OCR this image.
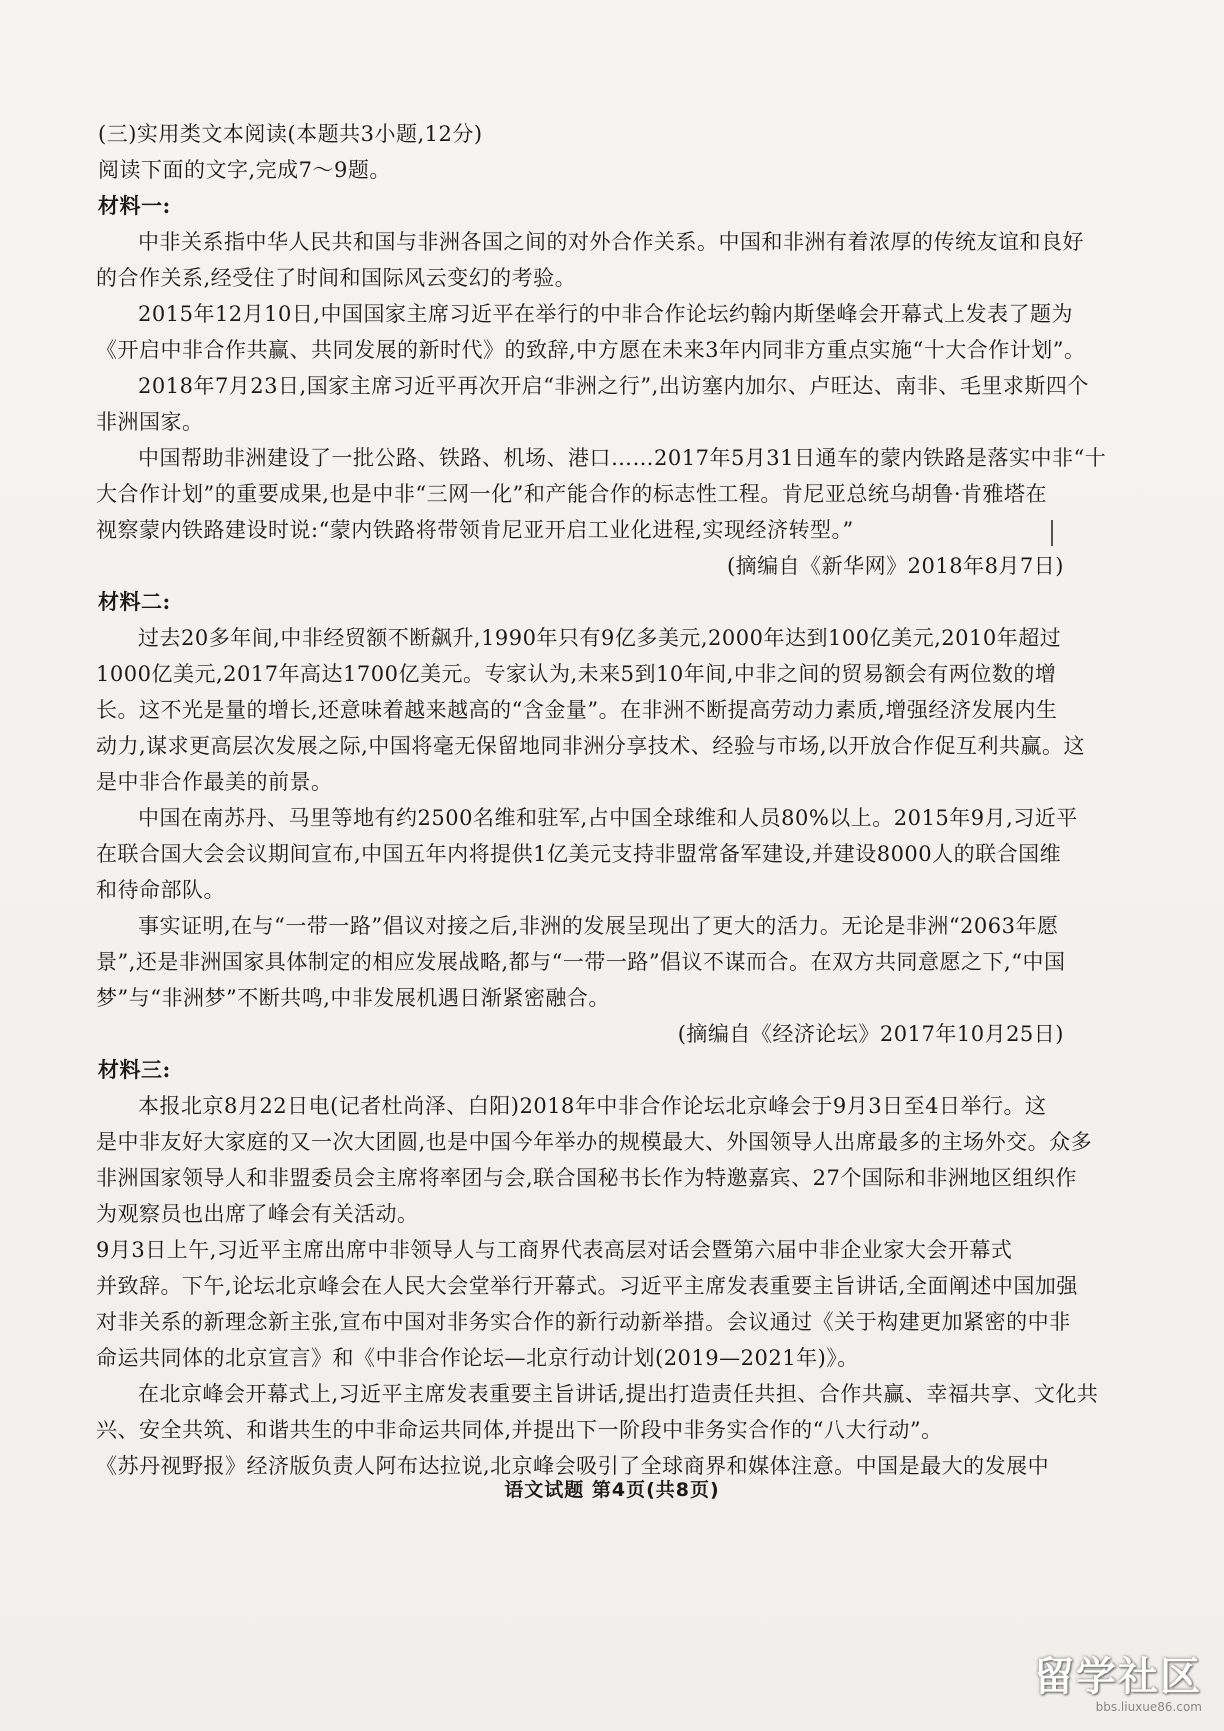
(三)实用类文本阅读(本题共3小题,12分)
阅读下面的文字,完成7～9题。
材料一:
中非关系指中华人民共和国与非洲各国之间的对外合作关系。中国和非洲有着浓厚的传统友谊和良好
的合作关系,经受住了时间和国际风云变幻的考验。
2015年12月10日,中国国家主席习近平在举行的中非合作论坛约翰内斯堡峰会开幕式上发表了题为
《开启中非合作共赢、共同发展的新时代》的致辞,中方愿在未来3年内同非方重点实施“十大合作计划”。
2018年7月23日,国家主席习近平再次开启“非洲之行”,出访塞内加尔、卢旺达、南非、毛里求斯四个
非洲国家。
中国帮助非洲建设了一批公路、铁路、机场、港口……2017年5月31日通车的蒙内铁路是落实中非“十
大合作计划”的重要成果,也是中非“三网一化”和产能合作的标志性工程。肯尼亚总统乌胡鲁·肯雅塔在
视察蒙内铁路建设时说:“蒙内铁路将带领肯尼亚开启工业化进程,实现经济转型。”
(摘编自《新华网》2018年8月7日)
材料二:
过去20多年间,中非经贸额不断飙升,1990年只有9亿多美元,2000年达到100亿美元,2010年超过
1000亿美元,2017年高达1700亿美元。专家认为,未来5到10年间,中非之间的贸易额会有两位数的增
长。这不光是量的增长,还意味着越来越高的“含金量”。在非洲不断提高劳动力素质,增强经济发展内生
动力,谋求更高层次发展之际,中国将毫无保留地同非洲分享技术、经验与市场,以开放合作促互利共赢。这
是中非合作最美的前景。
中国在南苏丹、马里等地有约2500名维和驻军,占中国全球维和人员80%以上。2015年9月,习近平
在联合国大会会议期间宣布,中国五年内将提供1亿美元支持非盟常备军建设,并建设8000人的联合国维
和待命部队。
事实证明,在与“一带一路”倡议对接之后,非洲的发展呈现出了更大的活力。无论是非洲“2063年愿
景”,还是非洲国家具体制定的相应发展战略,都与“一带一路”倡议不谋而合。在双方共同意愿之下,“中国
梦”与“非洲梦”不断共鸣,中非发展机遇日渐紧密融合。
(摘编自《经济论坛》2017年10月25日)
材料三:
本报北京8月22日电(记者杜尚泽、白阳)2018年中非合作论坛北京峰会于9月3日至4日举行。这
是中非友好大家庭的又一次大团圆,也是中国今年举办的规模最大、外国领导人出席最多的主场外交。众多
非洲国家领导人和非盟委员会主席将率团与会,联合国秘书长作为特邀嘉宾、27个国际和非洲地区组织作
为观察员也出席了峰会有关活动。
9月3日上午,习近平主席出席中非领导人与工商界代表高层对话会暨第六届中非企业家大会开幕式
并致辞。下午,论坛北京峰会在人民大会堂举行开幕式。习近平主席发表重要主旨讲话,全面阐述中国加强
对非关系的新理念新主张,宣布中国对非务实合作的新行动新举措。会议通过《关于构建更加紧密的中非
命运共同体的北京宣言》和《中非合作论坛—北京行动计划(2019—2021年)》。
在北京峰会开幕式上,习近平主席发表重要主旨讲话,提出打造责任共担、合作共赢、幸福共享、文化共
兴、安全共筑、和谐共生的中非命运共同体,并提出下一阶段中非务实合作的“八大行动”。
《苏丹视野报》经济版负责人阿布达拉说,北京峰会吸引了全球商界和媒体注意。中国是最大的发展中
语文试题 第4页(共8页)
留学社区
bbs.liuxue86.com
